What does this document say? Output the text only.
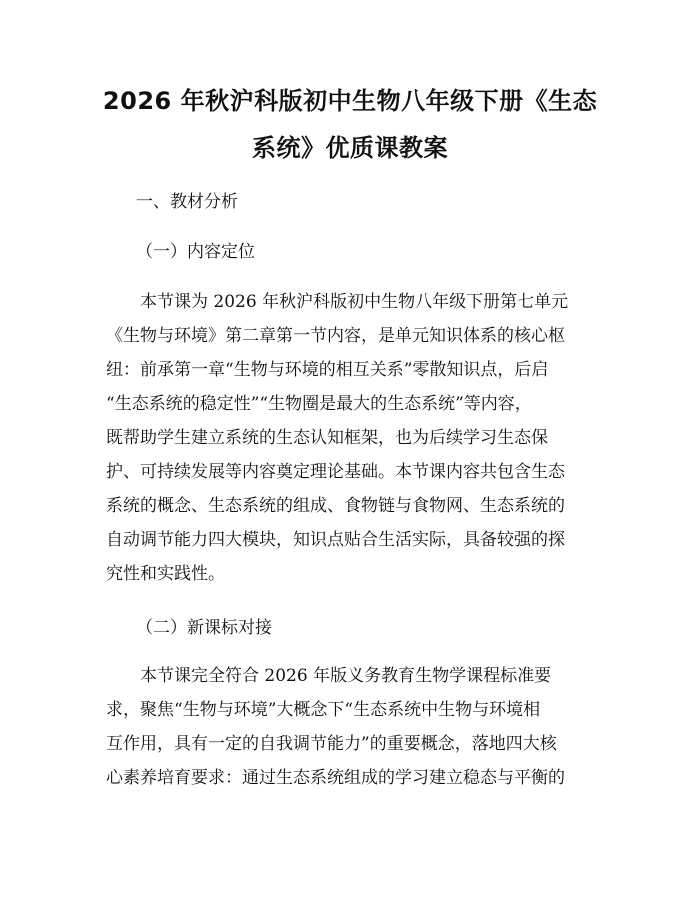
2026 年秋沪科版初中生物八年级下册《生态
系统》优质课教案
一、教材分析
（一）内容定位
本节课为 2026 年秋沪科版初中生物八年级下册第七单元
《生物与环境》第二章第一节内容，是单元知识体系的核心枢
纽：前承第一章“生物与环境的相互关系”零散知识点，后启
“生态系统的稳定性”“生物圈是最大的生态系统”等内容，
既帮助学生建立系统的生态认知框架，也为后续学习生态保
护、可持续发展等内容奠定理论基础。本节课内容共包含生态
系统的概念、生态系统的组成、食物链与食物网、生态系统的
自动调节能力四大模块，知识点贴合生活实际，具备较强的探
究性和实践性。
（二）新课标对接
本节课完全符合 2026 年版义务教育生物学课程标准要
求，聚焦“生物与环境”大概念下“生态系统中生物与环境相
互作用，具有一定的自我调节能力”的重要概念，落地四大核
心素养培育要求：通过生态系统组成的学习建立稳态与平衡的
